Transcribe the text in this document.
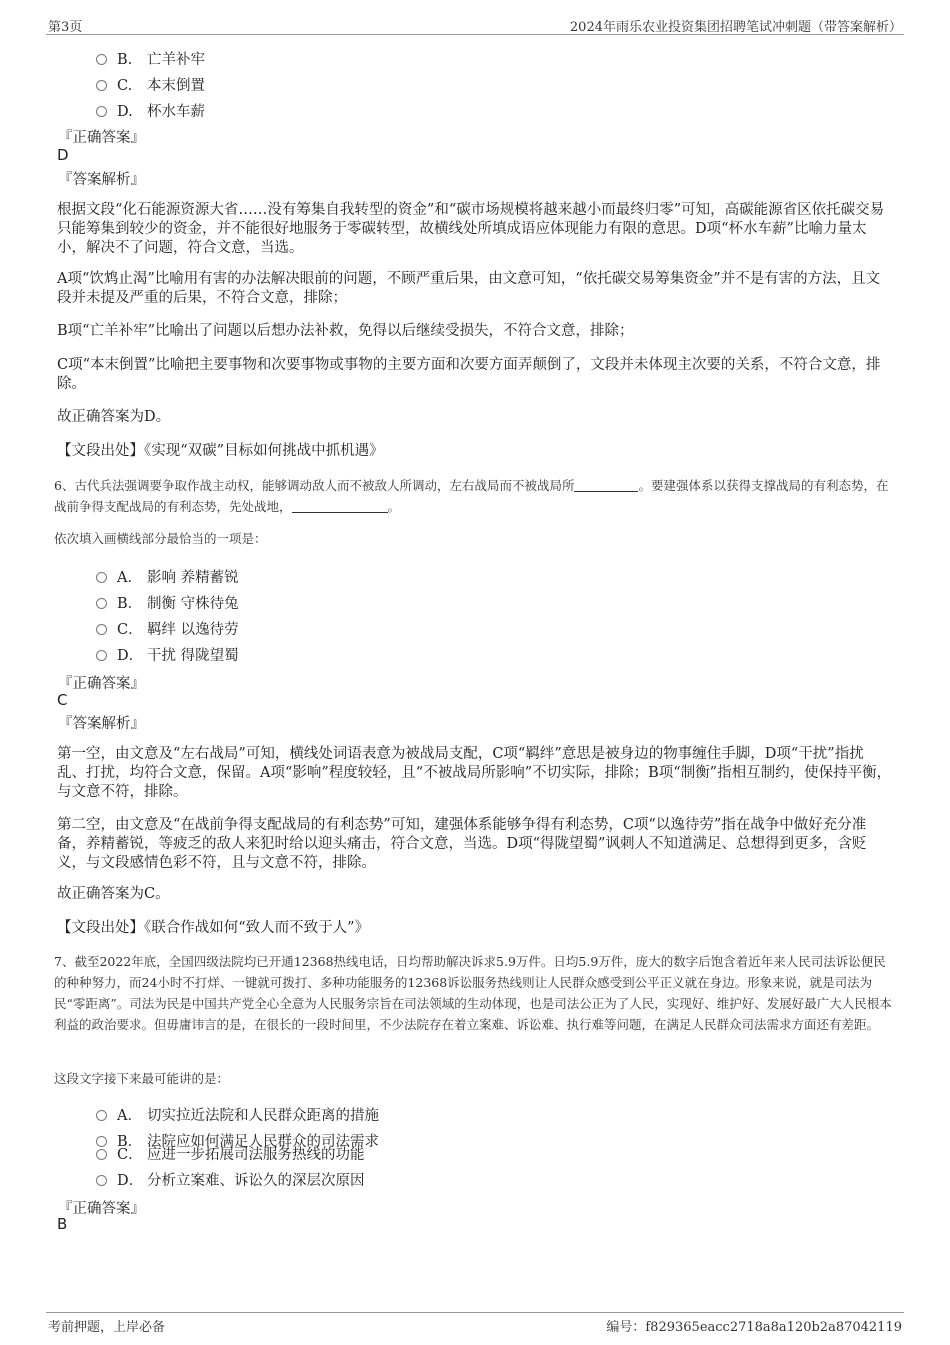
第3页	2024年雨乐农业投资集团招聘笔试冲刺题（带答案解析）
B. 亡羊补牢
C. 本末倒置
D. 杯水车薪
『正确答案』
D
『答案解析』

根据文段“化石能源资源大省……没有筹集自我转型的资金”和“碳市场规模将越来越小而最终归零”可知，高碳能源省区依托碳交易只能筹集到较少的资金，并不能很好地服务于零碳转型，故横线处所填成语应体现能力有限的意思。D项“杯水车薪”比喻力量太小，解决不了问题，符合文意，当选。

A项“饮鸩止渴”比喻用有害的办法解决眼前的问题，不顾严重后果，由文意可知，“依托碳交易筹集资金”并不是有害的方法，且文段并未提及严重的后果，不符合文意，排除；

B项“亡羊补牢”比喻出了问题以后想办法补救，免得以后继续受损失，不符合文意，排除；

C项“本末倒置”比喻把主要事物和次要事物或事物的主要方面和次要方面弄颠倒了，文段并未体现主次要的关系，不符合文意，排除。

故正确答案为D。

【文段出处】《实现“双碳”目标如何挑战中抓机遇》

6、古代兵法强调要争取作战主动权，能够调动敌人而不被敌人所调动，左右战局而不被战局所	。要建强体系以获得支撑战局的有利态势，在战前争得支配战局的有利态势，先处战地，	。

依次填入画横线部分最恰当的一项是：

A． 影响 养精蓄锐
B． 制衡 守株待兔
C． 羁绊 以逸待劳
D． 干扰 得陇望蜀
『正确答案』
C
『答案解析』

第一空，由文意及“左右战局”可知，横线处词语表意为被战局支配，C项“羁绊”意思是被身边的物事缠住手脚，D项“干扰”指扰乱、打扰，均符合文意，保留。A项“影响”程度较轻，且“不被战局所影响”不切实际，排除；B项“制衡”指相互制约，使保持平衡，与文意不符，排除。

第二空，由文意及“在战前争得支配战局的有利态势”可知，建强体系能够争得有利态势，C项“以逸待劳”指在战争中做好充分准备，养精蓄锐，等疲乏的敌人来犯时给以迎头痛击，符合文意，当选。D项“得陇望蜀”讽刺人不知道满足、总想得到更多，含贬义，与文段感情色彩不符，且与文意不符，排除。

故正确答案为C。

【文段出处】《联合作战如何“致人而不致于人”》

7、截至2022年底，全国四级法院均已开通12368热线电话，日均帮助解决诉求5.9万件。日均5.9万件，庞大的数字后饱含着近年来人民司法诉讼便民的种种努力，而24小时不打烊、一键就可拨打、多种功能服务的12368诉讼服务热线则让人民群众感受到公平正义就在身边。形象来说，就是司法为民“零距离”。司法为民是中国共产党全心全意为人民服务宗旨在司法领域的生动体现，也是司法公正为了人民，实现好、维护好、发展好最广大人民根本利益的政治要求。但毋庸讳言的是，在很长的一段时间里，不少法院存在着立案难、诉讼难、执行难等问题，在满足人民群众司法需求方面还有差距。

这段文字接下来最可能讲的是：

A． 切实拉近法院和人民群众距离的措施
B． 法院应如何满足人民群众的司法需求
C． 应进一步拓展司法服务热线的功能
D． 分析立案难、诉讼久的深层次原因
『正确答案』
B
考前押题，上岸必备	编号：f829365eacc2718a8a120b2a87042119
